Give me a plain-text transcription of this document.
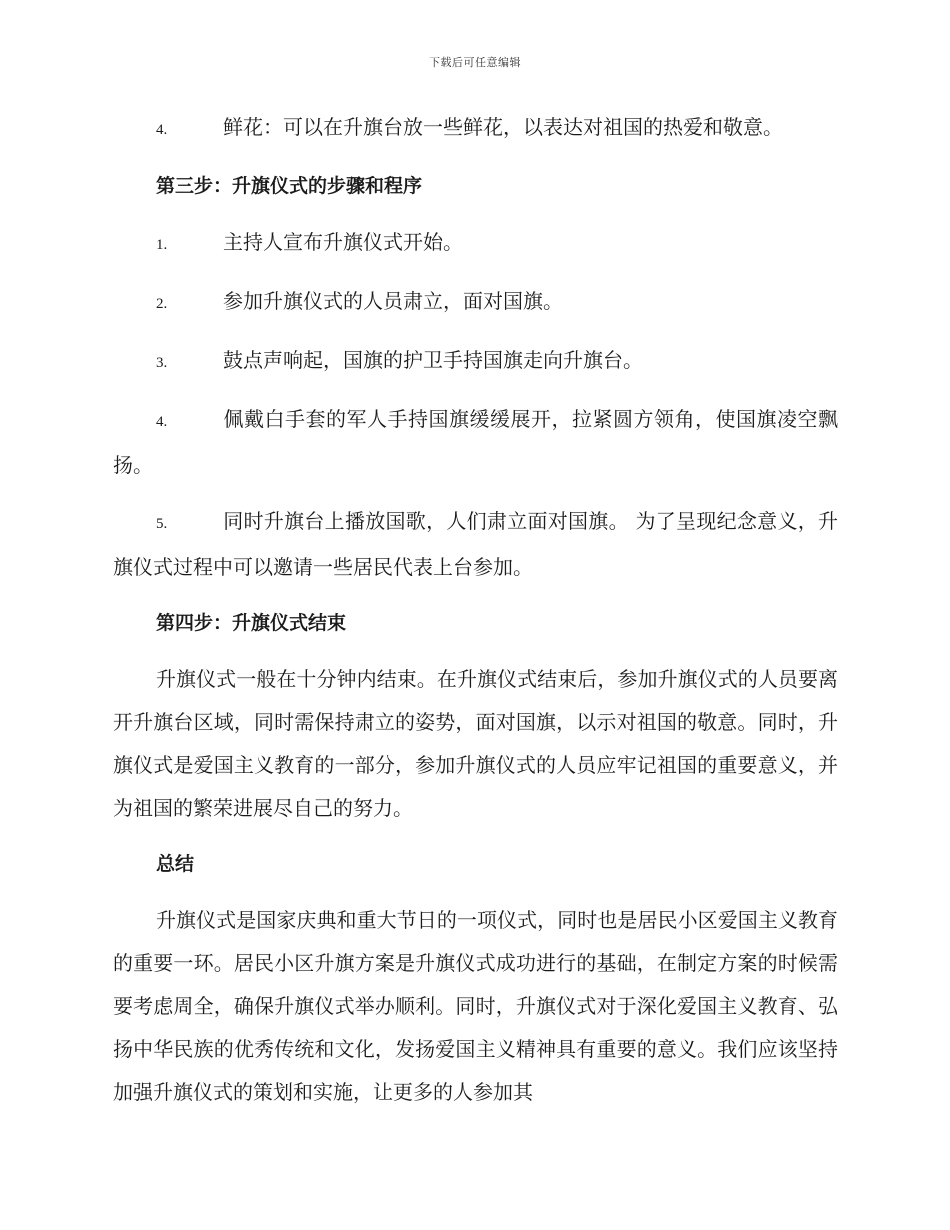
下载后可任意编辑

4.	鲜花：可以在升旗台放一些鲜花，以表达对祖国的热爱和敬意。

第三步：升旗仪式的步骤和程序

1.	主持人宣布升旗仪式开始。

2.	参加升旗仪式的人员肃立，面对国旗。

3.	鼓点声响起，国旗的护卫手持国旗走向升旗台。

4.	佩戴白手套的军人手持国旗缓缓展开，拉紧圆方领角，使国旗凌空飘扬。

5.	同时升旗台上播放国歌，人们肃立面对国旗。 为了呈现纪念意义，升旗仪式过程中可以邀请一些居民代表上台参加。

第四步：升旗仪式结束

升旗仪式一般在十分钟内结束。在升旗仪式结束后，参加升旗仪式的人员要离开升旗台区域，同时需保持肃立的姿势，面对国旗，以示对祖国的敬意。同时，升旗仪式是爱国主义教育的一部分，参加升旗仪式的人员应牢记祖国的重要意义，并为祖国的繁荣进展尽自己的努力。

总结

升旗仪式是国家庆典和重大节日的一项仪式，同时也是居民小区爱国主义教育的重要一环。居民小区升旗方案是升旗仪式成功进行的基础，在制定方案的时候需要考虑周全，确保升旗仪式举办顺利。同时，升旗仪式对于深化爱国主义教育、弘扬中华民族的优秀传统和文化，发扬爱国主义精神具有重要的意义。我们应该坚持加强升旗仪式的策划和实施，让更多的人参加其
